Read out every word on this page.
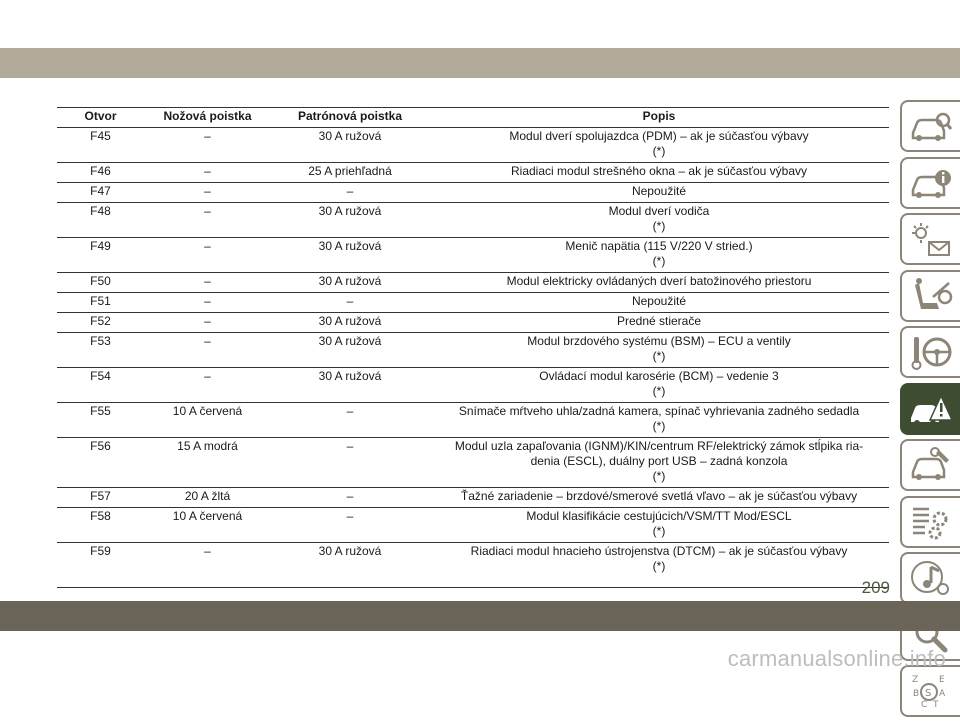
Otvor	Nožová poistka	Patrónová poistka	Popis
F45	–	30 A ružová	Modul dverí spolujazdca (PDM) – ak je súčasťou výbavy
(*)
F46	–	25 A priehľadná	Riadiaci modul strešného okna – ak je súčasťou výbavy
F47	–	–	Nepoužité
F48	–	30 A ružová	Modul dverí vodiča
(*)
F49	–	30 A ružová	Menič napätia (115 V/220 V stried.)
(*)
F50	–	30 A ružová	Modul elektricky ovládaných dverí batožinového priestoru
F51	–	–	Nepoužité
F52	–	30 A ružová	Predné stierače
F53	–	30 A ružová	Modul brzdového systému (BSM) – ECU a ventily
(*)
F54	–	30 A ružová	Ovládací modul karosérie (BCM) – vedenie 3
(*)
F55	10 A červená	–	Snímače mŕtveho uhla/zadná kamera, spínač vyhrievania zadného sedadla
(*)
F56	15 A modrá	–	Modul uzla zapaľovania (IGNM)/KIN/centrum RF/elektrický zámok stĺpika ria-
denia (ESCL), duálny port USB – zadná konzola
(*)
F57	20 A žltá	–	Ťažné zariadenie – brzdové/smerové svetlá vľavo – ak je súčasťou výbavy
F58	10 A červená	–	Modul klasifikácie cestujúcich/VSM/TT Mod/ESCL
(*)
F59	–	30 A ružová	Riadiaci modul hnacieho ústrojenstva (DTCM) – ak je súčasťou výbavy
(*)
Z E
B A
C T
S
209
carmanualsonline.info
